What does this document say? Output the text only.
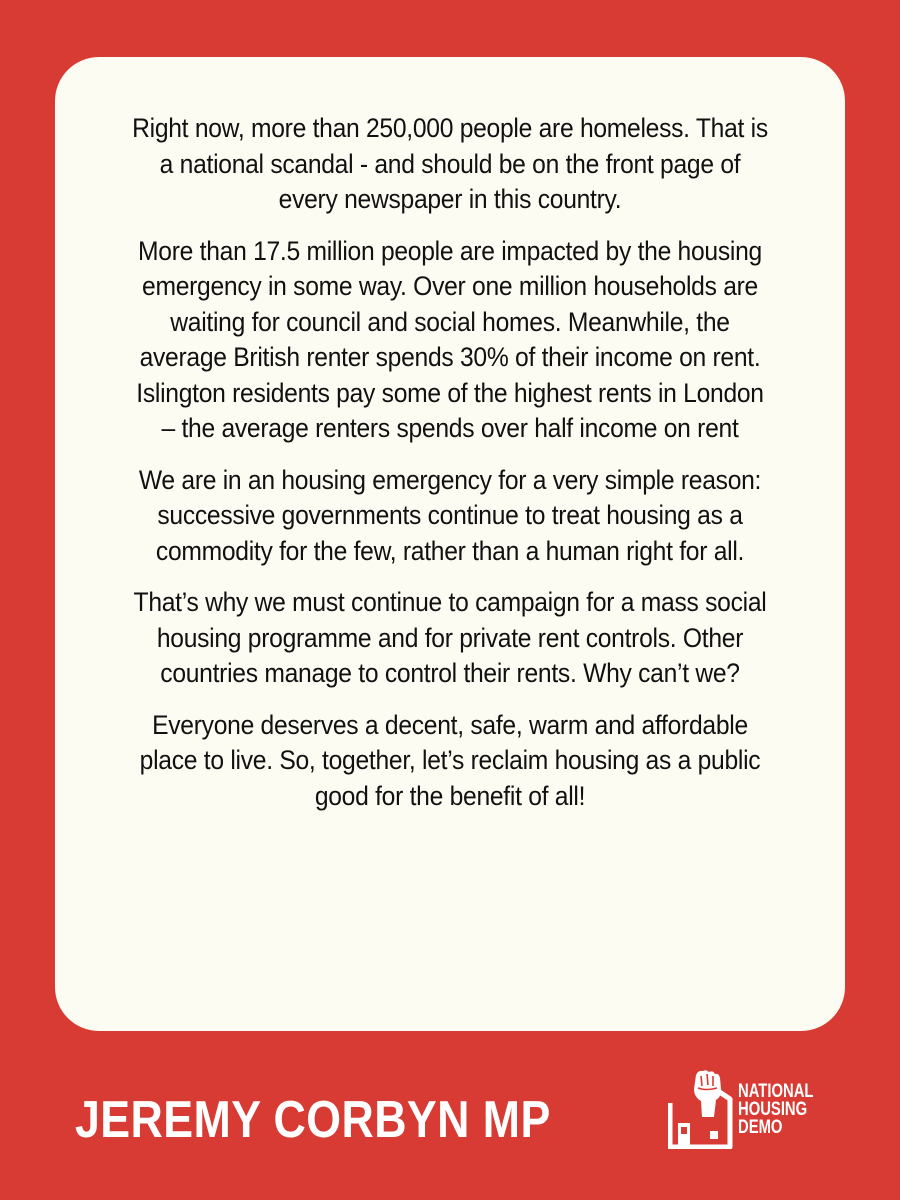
Right now, more than 250,000 people are homeless. That is a national scandal - and should be on the front page of every newspaper in this country.

More than 17.5 million people are impacted by the housing emergency in some way. Over one million households are waiting for council and social homes. Meanwhile, the average British renter spends 30% of their income on rent. Islington residents pay some of the highest rents in London – the average renters spends over half income on rent

We are in an housing emergency for a very simple reason: successive governments continue to treat housing as a commodity for the few, rather than a human right for all.

That’s why we must continue to campaign for a mass social housing programme and for private rent controls. Other countries manage to control their rents. Why can’t we?

Everyone deserves a decent, safe, warm and affordable place to live. So, together, let’s reclaim housing as a public good for the benefit of all!

JEREMY CORBYN MP	NATIONAL
HOUSING
DEMO
